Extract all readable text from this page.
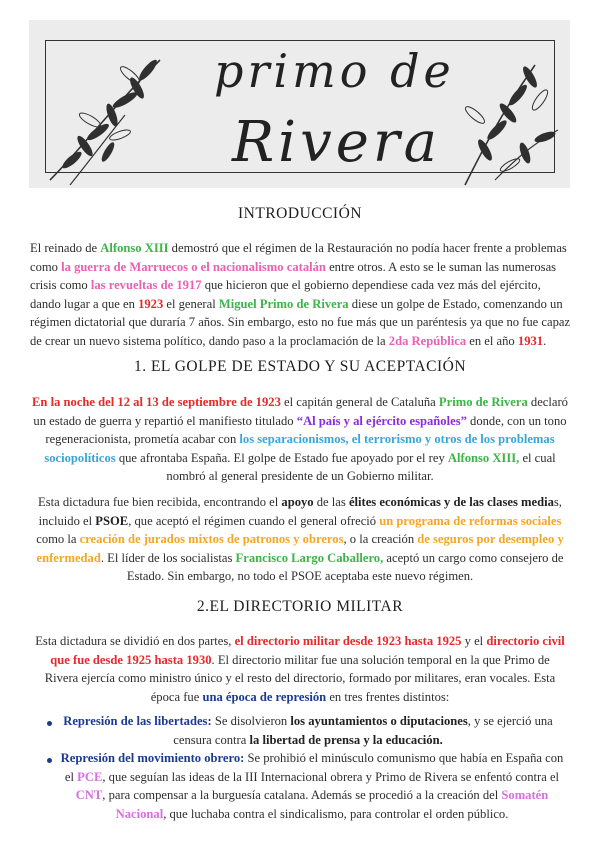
primo de
Rivera
INTRODUCCIÓN

El reinado de Alfonso XIII demostró que el régimen de la Restauración no podía hacer frente a problemas como la guerra de Marruecos o el nacionalismo catalán entre otros. A esto se le suman las numerosas crisis como las revueltas de 1917 que hicieron que el gobierno dependiese cada vez más del ejército, dando lugar a que en 1923 el general Miguel Primo de Rivera diese un golpe de Estado, comenzando un régimen dictatorial que duraría 7 años. Sin embargo, esto no fue más que un paréntesis ya que no fue capaz de crear un nuevo sistema político, dando paso a la proclamación de la 2da República en el año 1931.

1. EL GOLPE DE ESTADO Y SU ACEPTACIÓN

En la noche del 12 al 13 de septiembre de 1923 el capitán general de Cataluña Primo de Rivera declaró un estado de guerra y repartió el manifiesto titulado “Al país y al ejército españoles” donde, con un tono regeneracionista, prometía acabar con los separacionismos, el terrorismo y otros de los problemas sociopolíticos que afrontaba España. El golpe de Estado fue apoyado por el rey Alfonso XIII, el cual nombró al general presidente de un Gobierno militar.

Esta dictadura fue bien recibida, encontrando el apoyo de las élites económicas y de las clases medias, incluido el PSOE, que aceptó el régimen cuando el general ofreció un programa de reformas sociales como la creación de jurados mixtos de patronos y obreros, o la creación de seguros por desempleo y enfermedad. El líder de los socialistas Francisco Largo Caballero, aceptó un cargo como consejero de Estado. Sin embargo, no todo el PSOE aceptaba este nuevo régimen.

2.EL DIRECTORIO MILITAR

Esta dictadura se dividió en dos partes, el directorio militar desde 1923 hasta 1925 y el directorio civil que fue desde 1925 hasta 1930. El directorio militar fue una solución temporal en la que Primo de Rivera ejercía como ministro único y el resto del directorio, formado por militares, eran vocales. Esta época fue una época de represión en tres frentes distintos:

Represión de las libertades: Se disolvieron los ayuntamientos o diputaciones, y se ejerció una censura contra la libertad de prensa y la educación.

Represión del movimiento obrero: Se prohibió el minúsculo comunismo que había en España con el PCE, que seguían las ideas de la III Internacional obrera y Primo de Rivera se enfentó contra el CNT, para compensar a la burguesía catalana. Además se procedió a la creación del Somatén Nacional, que luchaba contra el sindicalismo, para controlar el orden público.
